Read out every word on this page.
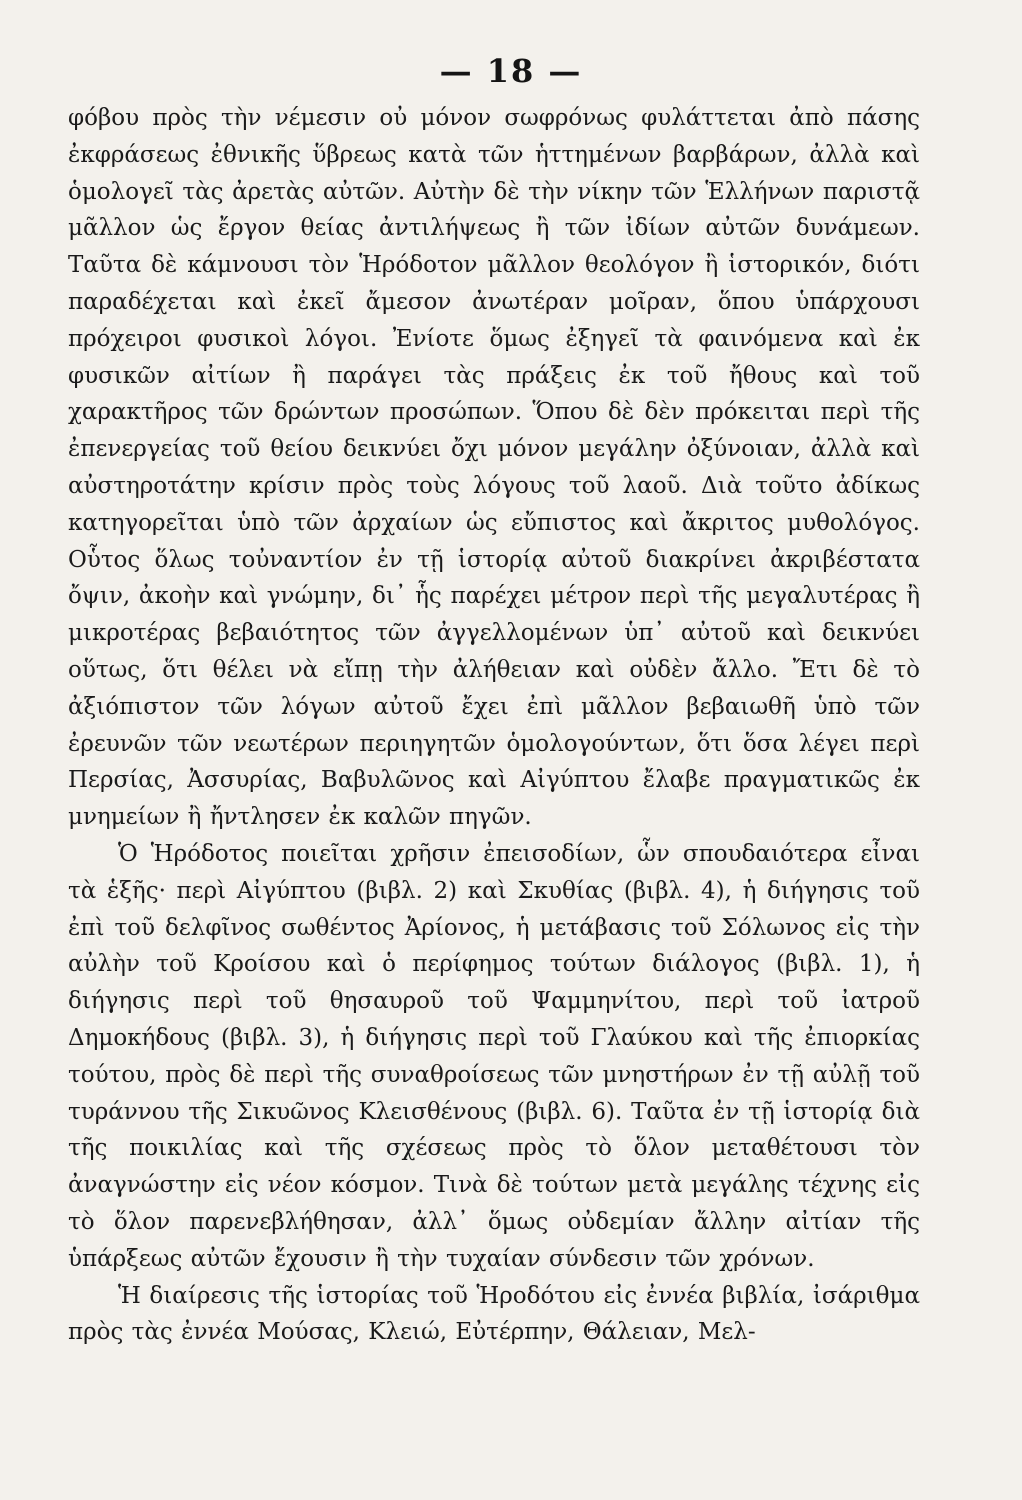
— 18 —

φόβου πρὸς τὴν νέμεσιν οὐ μόνον σωφρόνως φυλάττεται ἀπὸ πάσης ἐκφράσεως ἐθνικῆς ὕβρεως κατὰ τῶν ἡττημένων βαρβάρων, ἀλλὰ καὶ ὁμολογεῖ τὰς ἀρετὰς αὐτῶν. Αὐτὴν δὲ τὴν νίκην τῶν Ἑλλήνων παριστᾷ μᾶλλον ὡς ἔργον θείας ἀντιλήψεως ἢ τῶν ἰδίων αὐτῶν δυνάμεων. Ταῦτα δὲ κάμνουσι τὸν Ἡρόδοτον μᾶλλον θεολόγον ἢ ἱστορικόν, διότι παραδέχεται καὶ ἐκεῖ ἄμεσον ἀνωτέραν μοῖραν, ὅπου ὑπάρχουσι πρόχειροι φυσικοὶ λόγοι. Ἐνίοτε ὅμως ἐξηγεῖ τὰ φαινόμενα καὶ ἐκ φυσικῶν αἰτίων ἢ παράγει τὰς πράξεις ἐκ τοῦ ἤθους καὶ τοῦ χαρακτῆρος τῶν δρώντων προσώπων. Ὅπου δὲ δὲν πρόκειται περὶ τῆς ἐπενεργείας τοῦ θείου δεικνύει ὄχι μόνον μεγάλην ὀξύνοιαν, ἀλλὰ καὶ αὐστηροτάτην κρίσιν πρὸς τοὺς λόγους τοῦ λαοῦ. Διὰ τοῦτο ἀδίκως κατηγορεῖται ὑπὸ τῶν ἀρχαίων ὡς εὔπιστος καὶ ἄκριτος μυθολόγος. Οὗτος ὅλως τοὐναντίον ἐν τῇ ἱστορίᾳ αὐτοῦ διακρίνει ἀκριβέστατα ὄψιν, ἀκοὴν καὶ γνώμην, δι᾽ ἧς παρέχει μέτρον περὶ τῆς μεγαλυτέρας ἢ μικροτέρας βεβαιότητος τῶν ἀγγελλομένων ὑπ᾽ αὐτοῦ καὶ δεικνύει οὕτως, ὅτι θέλει νὰ εἴπῃ τὴν ἀλήθειαν καὶ οὐδὲν ἄλλο. Ἔτι δὲ τὸ ἀξιόπιστον τῶν λόγων αὐτοῦ ἔχει ἐπὶ μᾶλλον βεβαιωθῆ ὑπὸ τῶν ἐρευνῶν τῶν νεωτέρων περιηγητῶν ὁμολογούντων, ὅτι ὅσα λέγει περὶ Περσίας, Ἀσσυρίας, Βαβυλῶνος καὶ Αἰγύπτου ἔλαβε πραγματικῶς ἐκ μνημείων ἢ ἤντλησεν ἐκ καλῶν πηγῶν.

Ὁ Ἡρόδοτος ποιεῖται χρῆσιν ἐπεισοδίων, ὧν σπουδαιότερα εἶναι τὰ ἑξῆς· περὶ Αἰγύπτου (βιβλ. 2) καὶ Σκυθίας (βιβλ. 4), ἡ διήγησις τοῦ ἐπὶ τοῦ δελφῖνος σωθέντος Ἀρίονος, ἡ μετάβασις τοῦ Σόλωνος εἰς τὴν αὐλὴν τοῦ Κροίσου καὶ ὁ περίφημος τούτων διάλογος (βιβλ. 1), ἡ διήγησις περὶ τοῦ θησαυροῦ τοῦ Ψαμμηνίτου, περὶ τοῦ ἰατροῦ Δημοκήδους (βιβλ. 3), ἡ διήγησις περὶ τοῦ Γλαύκου καὶ τῆς ἐπιορκίας τούτου, πρὸς δὲ περὶ τῆς συναθροίσεως τῶν μνηστήρων ἐν τῇ αὐλῇ τοῦ τυράννου τῆς Σικυῶνος Κλεισθένους (βιβλ. 6). Ταῦτα ἐν τῇ ἱστορίᾳ διὰ τῆς ποικιλίας καὶ τῆς σχέσεως πρὸς τὸ ὅλον μεταθέτουσι τὸν ἀναγνώστην εἰς νέον κόσμον. Τινὰ δὲ τούτων μετὰ μεγάλης τέχνης εἰς τὸ ὅλον παρενεβλήθησαν, ἀλλ᾽ ὅμως οὐδεμίαν ἄλλην αἰτίαν τῆς ὑπάρξεως αὐτῶν ἔχουσιν ἢ τὴν τυχαίαν σύνδεσιν τῶν χρόνων.

Ἡ διαίρεσις τῆς ἱστορίας τοῦ Ἡροδότου εἰς ἐννέα βιβλία, ἰσάριθμα πρὸς τὰς ἐννέα Μούσας, Κλειώ, Εὐτέρπην, Θάλειαν, Μελ-
